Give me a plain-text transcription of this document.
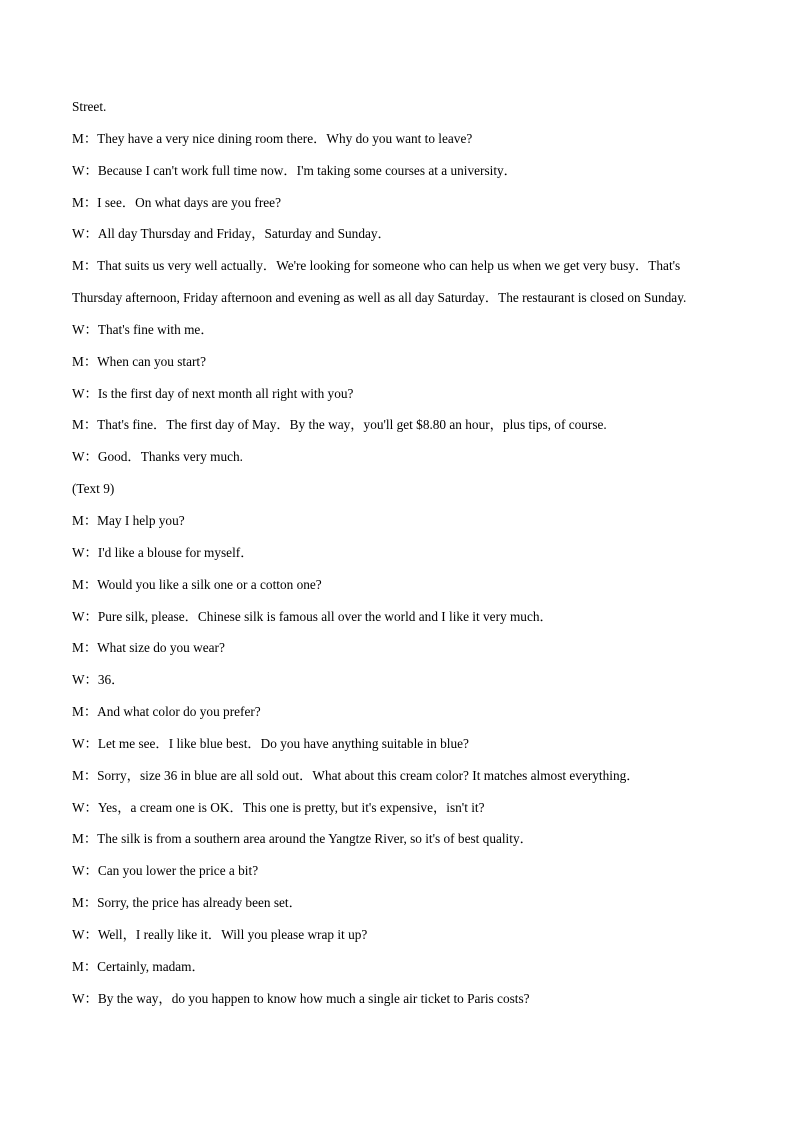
Street.
M：They have a very nice dining room there．Why do you want to leave?
W：Because I can't work full time now．I'm taking some courses at a university．
M：I see．On what days are you free?
W：All day Thursday and Friday，Saturday and Sunday．
M：That suits us very well actually．We're looking for someone who can help us when we get very busy．That's
Thursday afternoon, Friday afternoon and evening as well as all day Saturday．The restaurant is closed on Sunday.
W：That's fine with me．
M：When can you start?
W：Is the first day of next month all right with you?
M：That's fine．The first day of May．By the way，you'll get $8.80 an hour，plus tips, of course.
W：Good．Thanks very much.
(Text 9)
M：May I help you?
W：I'd like a blouse for myself．
M：Would you like a silk one or a cotton one?
W：Pure silk, please．Chinese silk is famous all over the world and I like it very much．
M：What size do you wear?
W：36．
M：And what color do you prefer?
W：Let me see．I like blue best．Do you have anything suitable in blue?
M：Sorry，size 36 in blue are all sold out．What about this cream color? It matches almost everything．
W：Yes，a cream one is OK．This one is pretty, but it's expensive，isn't it?
M：The silk is from a southern area around the Yangtze River, so it's of best quality．
W：Can you lower the price a bit?
M：Sorry, the price has already been set．
W：Well，I really like it．Will you please wrap it up?
M：Certainly, madam．
W：By the way，do you happen to know how much a single air ticket to Paris costs?
